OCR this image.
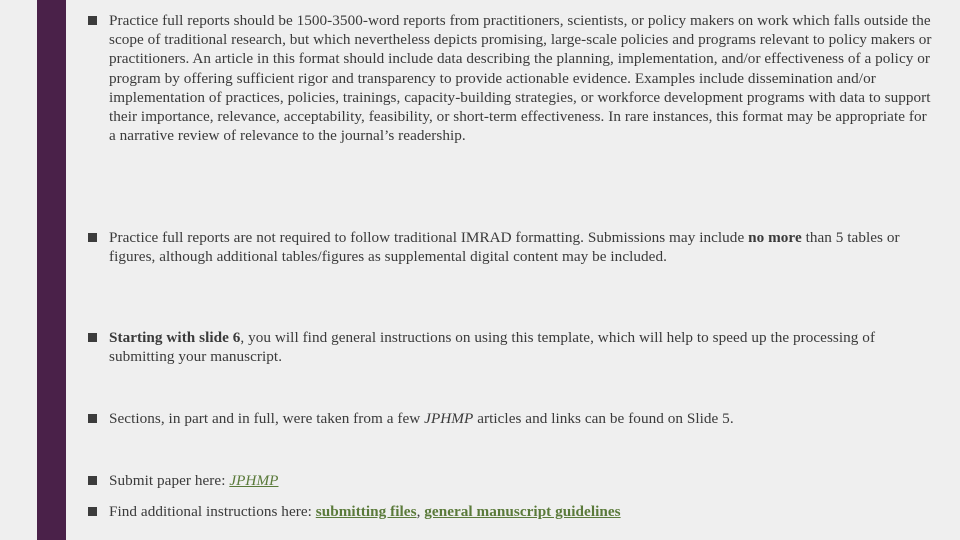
Practice full reports should be 1500-3500-word reports from practitioners, scientists, or policy makers on work which falls outside the scope of traditional research, but which nevertheless depicts promising, large-scale policies and programs relevant to policy makers or practitioners. An article in this format should include data describing the planning, implementation, and/or effectiveness of a policy or program by offering sufficient rigor and transparency to provide actionable evidence. Examples include dissemination and/or implementation of practices, policies, trainings, capacity-building strategies, or workforce development programs with data to support their importance, relevance, acceptability, feasibility, or short-term effectiveness. In rare instances, this format may be appropriate for a narrative review of relevance to the journal’s readership.
Practice full reports are not required to follow traditional IMRAD formatting. Submissions may include no more than 5 tables or figures, although additional tables/figures as supplemental digital content may be included.
Starting with slide 6, you will find general instructions on using this template, which will help to speed up the processing of submitting your manuscript.
Sections, in part and in full, were taken from a few JPHMP articles and links can be found on Slide 5.
Submit paper here: JPHMP
Find additional instructions here: submitting files, general manuscript guidelines
